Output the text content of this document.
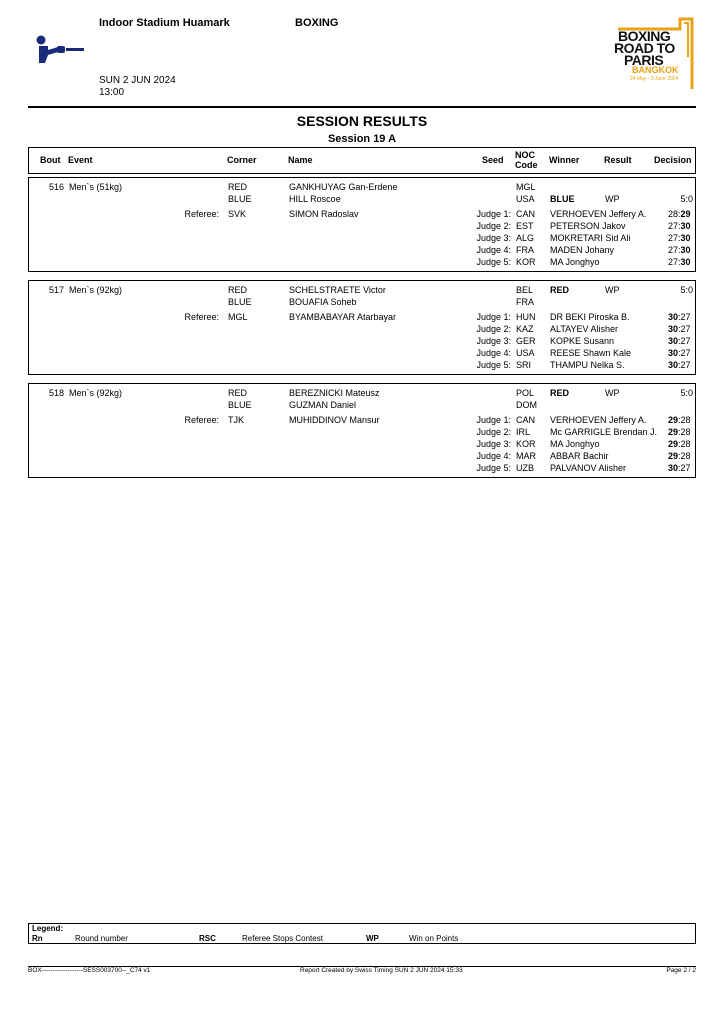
Indoor Stadium Huamark	BOXING
SUN 2 JUN 2024
13:00
BOXING
ROAD TO
PARIS
BANGKOK
24 May - 3 June 2024
SESSION RESULTS
Session 19 A
Bout Event	Corner	Name	Seed NOC
Code Winner	Result Decision
516 Men`s (51kg)	RED	GANKHUYAG Gan-Erdene	MGL
BLUE	HILL Roscoe	USA BLUE	WP	5:0
Referee: SVK	SIMON Radoslav	Judge 1: CAN VERHOEVEN Jeffery A. 28:29
Judge 2: EST PETERSON Jakov	27:30
Judge 3: ALG MOKRETARI Sid Ali	27:30
Judge 4: FRA MADEN Johany	27:30
Judge 5: KOR MA Jonghyo	27:30
517 Men`s (92kg)	RED	SCHELSTRAETE Victor	BEL RED	WP	5:0
BLUE	BOUAFIA Soheb	FRA
Referee: MGL	BYAMBABAYAR Atarbayar	Judge 1: HUN DR BEKI Piroska B.	30:27
Judge 2: KAZ ALTAYEV Alisher	30:27
Judge 3: GER KOPKE Susann	30:27
Judge 4: USA REESE Shawn Kale	30:27
Judge 5: SRI THAMPU Nelka S.	30:27
518 Men`s (92kg)	RED	BEREZNICKI Mateusz	POL RED	WP	5:0
BLUE	GUZMAN Daniel	DOM
Referee: TJK	MUHIDDINOV Mansur	Judge 1: CAN VERHOEVEN Jeffery A. 29:28
Judge 2: IRL Mc GARRIGLE Brendan J. 29:28
Judge 3: KOR MA Jonghyo	29:28
Judge 4: MAR ABBAR Bachir	29:28
Judge 5: UZB PALVANOV Alisher	30:27
Legend:
Rn	Round number	RSC	Referee Stops Contest	WP	Win on Points
BOX-------------------SESS003700--_C74 v1	Report Created by Swiss Timing SUN 2 JUN 2024 15:33	Page 2 / 2
